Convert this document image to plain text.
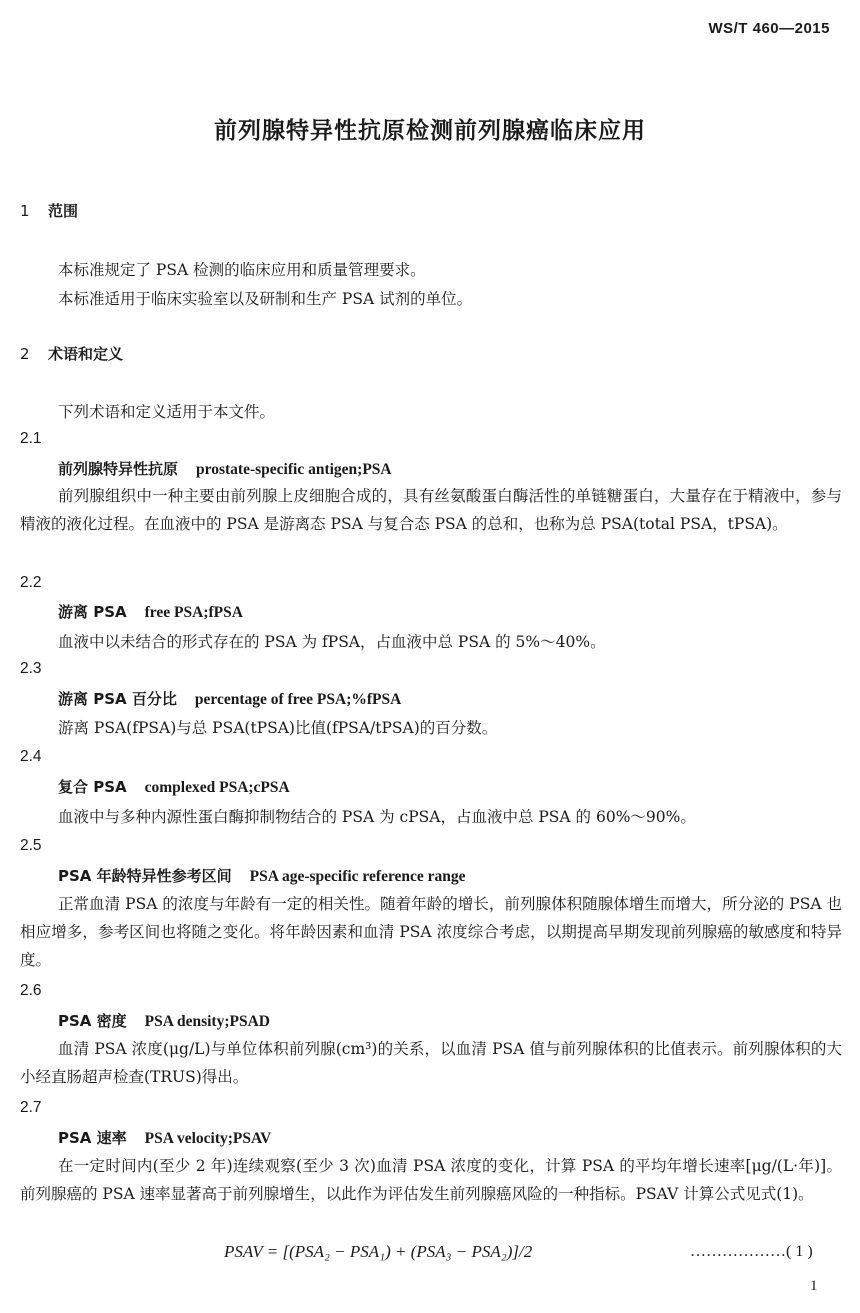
WS/T 460—2015
前列腺特异性抗原检测前列腺癌临床应用
1 范围
本标准规定了 PSA 检测的临床应用和质量管理要求。
本标准适用于临床实验室以及研制和生产 PSA 试剂的单位。
2 术语和定义
下列术语和定义适用于本文件。
2.1
前列腺特异性抗原 prostate-specific antigen;PSA
前列腺组织中一种主要由前列腺上皮细胞合成的，具有丝氨酸蛋白酶活性的单链糖蛋白，大量存在于精液中，参与精液的液化过程。在血液中的 PSA 是游离态 PSA 与复合态 PSA 的总和，也称为总 PSA(total PSA，tPSA)。
2.2
游离 PSA free PSA;fPSA
血液中以未结合的形式存在的 PSA 为 fPSA，占血液中总 PSA 的 5%～40%。
2.3
游离 PSA 百分比 percentage of free PSA;%fPSA
游离 PSA(fPSA)与总 PSA(tPSA)比值(fPSA/tPSA)的百分数。
2.4
复合 PSA complexed PSA;cPSA
血液中与多种内源性蛋白酶抑制物结合的 PSA 为 cPSA，占血液中总 PSA 的 60%～90%。
2.5
PSA 年龄特异性参考区间 PSA age-specific reference range
正常血清 PSA 的浓度与年龄有一定的相关性。随着年龄的增长，前列腺体积随腺体增生而增大，所分泌的 PSA 也相应增多，参考区间也将随之变化。将年龄因素和血清 PSA 浓度综合考虑，以期提高早期发现前列腺癌的敏感度和特异度。
2.6
PSA 密度 PSA density;PSAD
血清 PSA 浓度(μg/L)与单位体积前列腺(cm³)的关系，以血清 PSA 值与前列腺体积的比值表示。前列腺体积的大小经直肠超声检查(TRUS)得出。
2.7
PSA 速率 PSA velocity;PSAV
在一定时间内(至少 2 年)连续观察(至少 3 次)血清 PSA 浓度的变化，计算 PSA 的平均年增长速率[μg/(L·年)]。前列腺癌的 PSA 速率显著高于前列腺增生，以此作为评估发生前列腺癌风险的一种指标。PSAV 计算公式见式(1)。
PSAV = [(PSA₂ − PSA₁) + (PSA₃ − PSA₂)]/2	………………( 1 )
1
